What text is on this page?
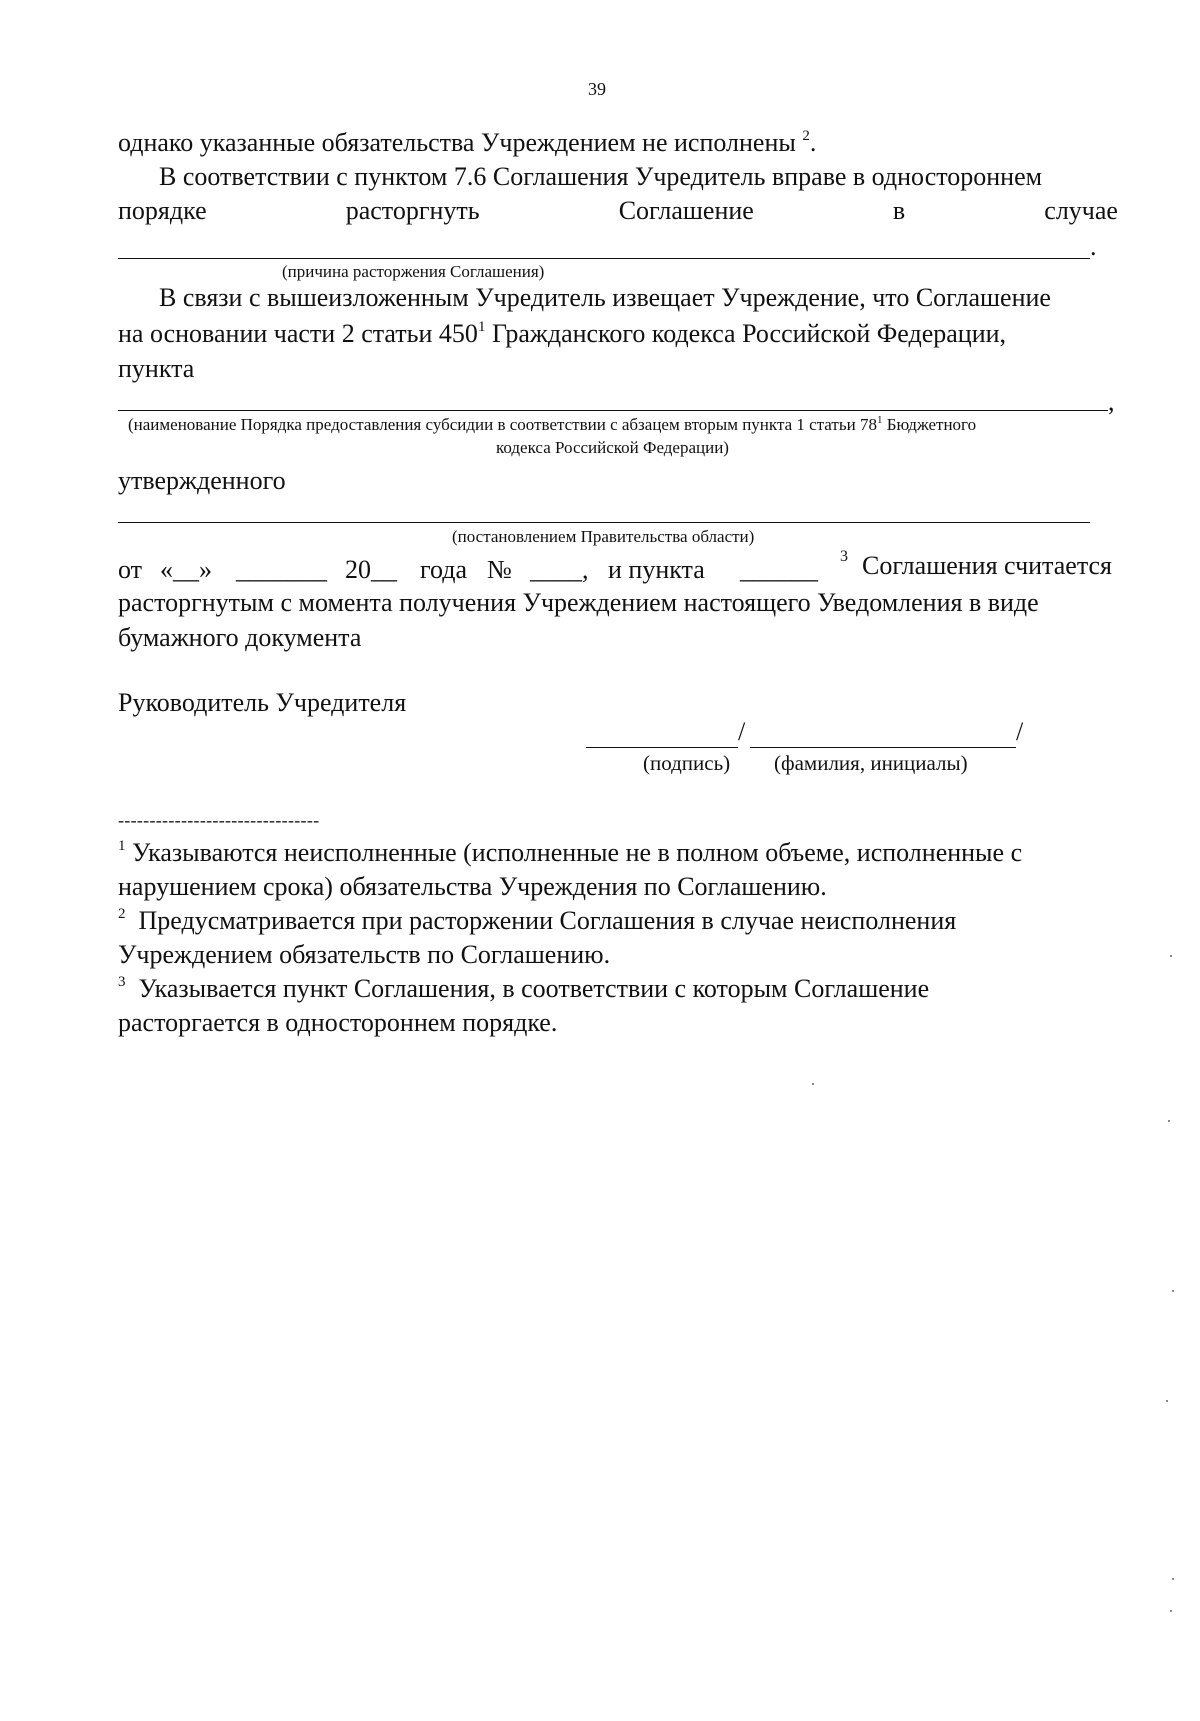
39
однако указанные обязательства Учреждением не исполнены $^2$.
В соответствии с пунктом 7.6 Соглашения Учредитель вправе в одностороннем
порядке	расторгнуть	Соглашение	в	случае
.
(причина расторжения Соглашения)
В связи с вышеизложенным Учредитель извещает Учреждение, что Соглашение
на основании части 2 статьи $450^1$ Гражданского кодекса Российской Федерации,
пункта
,
(наименование Порядка предоставления субсидии в соответствии с абзацем вторым пункта 1 статьи $78^1$ Бюджетного
кодекса Российской Федерации)
утвержденного
(постановлением Правительства области)
от «__» _______ 20__ года № ____, и пункта ______ 3 Соглашения считается
расторгнутым с момента получения Учреждением настоящего Уведомления в виде
бумажного документа
Руководитель Учредителя
/	/
(подпись) (фамилия, инициалы)
--------------------------------
$^1$ Указываются неисполненные (исполненные не в полном объеме, исполненные с
нарушением срока) обязательства Учреждения по Соглашению.
$^2$ Предусматривается при расторжении Соглашения в случае неисполнения
Учреждением обязательств по Соглашению.
$^3$ Указывается пункт Соглашения, в соответствии с которым Соглашение
расторгается в одностороннем порядке.
